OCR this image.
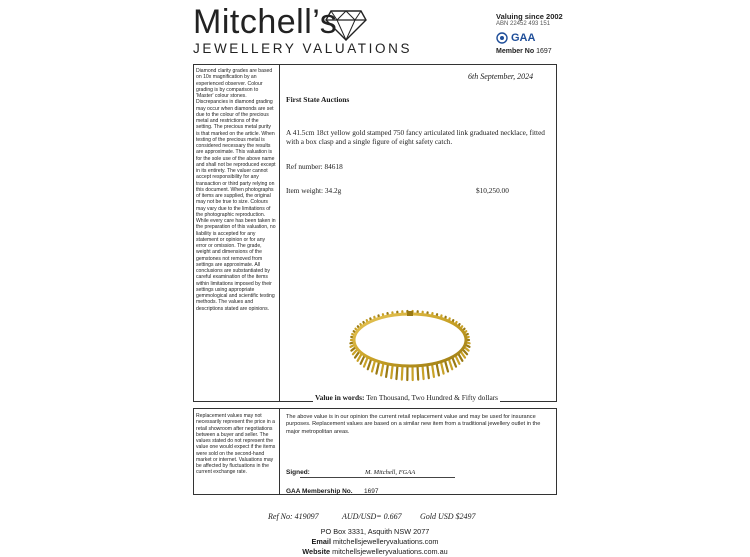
Mitchell’s
JEWELLERY VALUATIONS
Valuing since 2002
ABN 22452 493 151
GAA
Member No 1697
Diamond clarity grades are based on 10x magnification by an experienced observer. Colour grading is by comparison to 'Master' colour stones. Discrepancies in diamond grading may occur when diamonds are set due to the colour of the precious metal and restrictions of the setting. The precious metal purity is that marked on the article. When testing of the precious metal is considered necessary the results are approximate. This valuation is for the sole use of the above name and shall not be reproduced except in its entirety. The valuer cannot accept responsibility for any transaction or third party relying on this document. When photographs of items are supplied, the original may not be true to size. Colours may vary due to the limitations of the photographic reproduction. While every care has been taken in the preparation of this valuation, no liability is accepted for any statement or opinion or for any error or omission. The grade, weight and dimensions of the gemstones not removed from settings are approximate. All conclusions are substantiated by careful examination of the items within limitations imposed by their settings using appropriate gemmological and scientific testing methods. The values and descriptions stated are opinions.
Replacement values may not necessarily represent the price in a retail showroom after negotiations between a buyer and seller. The values stated do not represent the value one would expect if the items were sold on the second-hand market or internet. Valuations may be affected by fluctuations in the current exchange rate.
6th September, 2024
First State Auctions
A 41.5cm 18ct yellow gold stamped 750 fancy articulated link graduated necklace, fitted with a box clasp and a single figure of eight safety catch.
Ref number: 84618
Item weight: 34.2g	$10,250.00
Value in words: Ten Thousand, Two Hundred & Fifty dollars
The above value is in our opinion the current retail replacement value and may be used for insurance purposes. Replacement values are based on a similar new item from a traditional jewellery outlet in the major metropolitan areas.
Signed:	M. Mitchell, FGAA
GAA Membership No. 1697
Ref No: 419097	AUD/USD= 0.667 Gold USD $2497
PO Box 3331, Asquith NSW 2077
Email mitchellsjewelleryvaluations.com
Website mitchellsjewelleryvaluations.com.au
